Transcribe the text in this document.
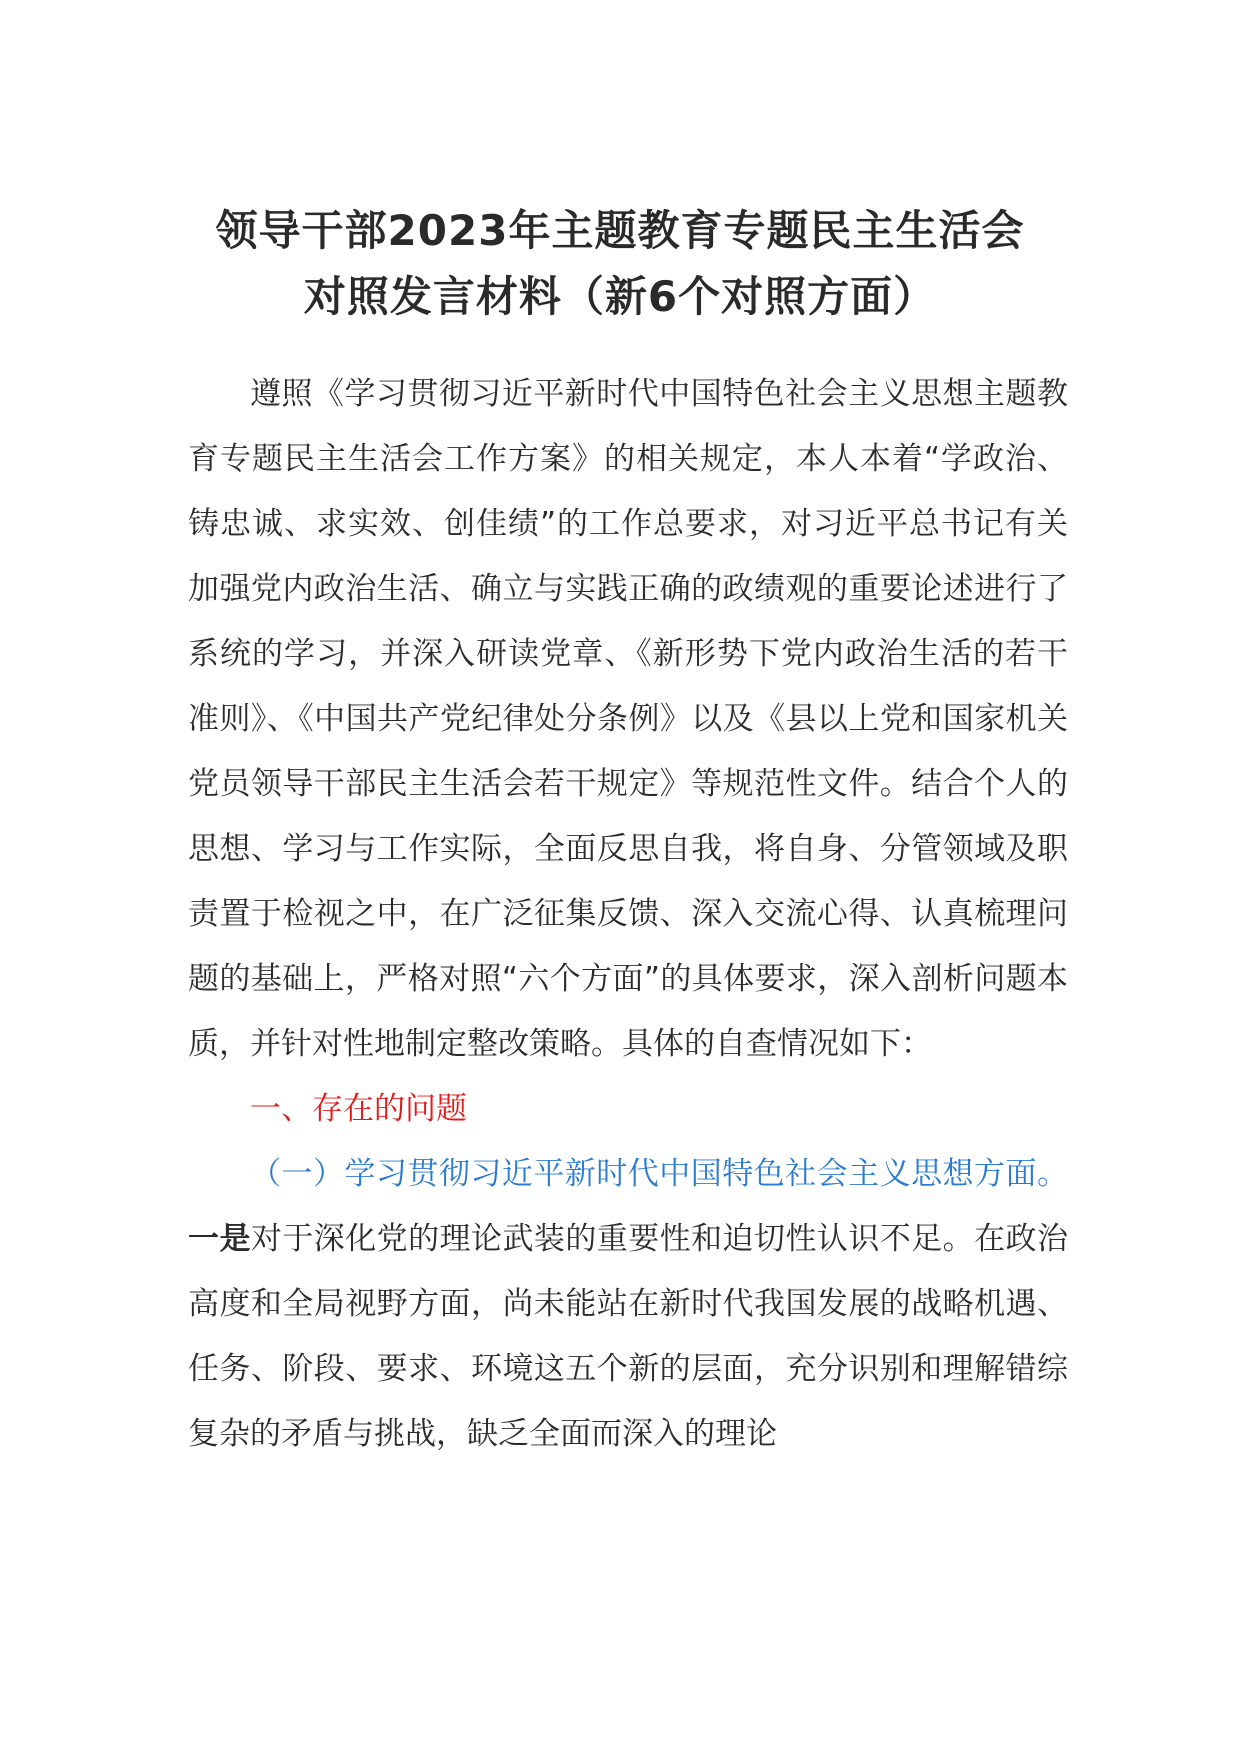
领导干部2023年主题教育专题民主生活会
对照发言材料（新6个对照方面）

遵照《学习贯彻习近平新时代中国特色社会主义思想主题教育专题民主生活会工作方案》的相关规定，本人本着“学政治、铸忠诚、求实效、创佳绩”的工作总要求，对习近平总书记有关加强党内政治生活、确立与实践正确的政绩观的重要论述进行了系统的学习，并深入研读党章、《新形势下党内政治生活的若干准则》、《中国共产党纪律处分条例》以及《县以上党和国家机关党员领导干部民主生活会若干规定》等规范性文件。结合个人的思想、学习与工作实际，全面反思自我，将自身、分管领域及职责置于检视之中，在广泛征集反馈、深入交流心得、认真梳理问题的基础上，严格对照“六个方面”的具体要求，深入剖析问题本质，并针对性地制定整改策略。具体的自查情况如下：

一、存在的问题

（一）学习贯彻习近平新时代中国特色社会主义思想方面。一是对于深化党的理论武装的重要性和迫切性认识不足。在政治高度和全局视野方面，尚未能站在新时代我国发展的战略机遇、任务、阶段、要求、环境这五个新的层面，充分识别和理解错综复杂的矛盾与挑战，缺乏全面而深入的理论
